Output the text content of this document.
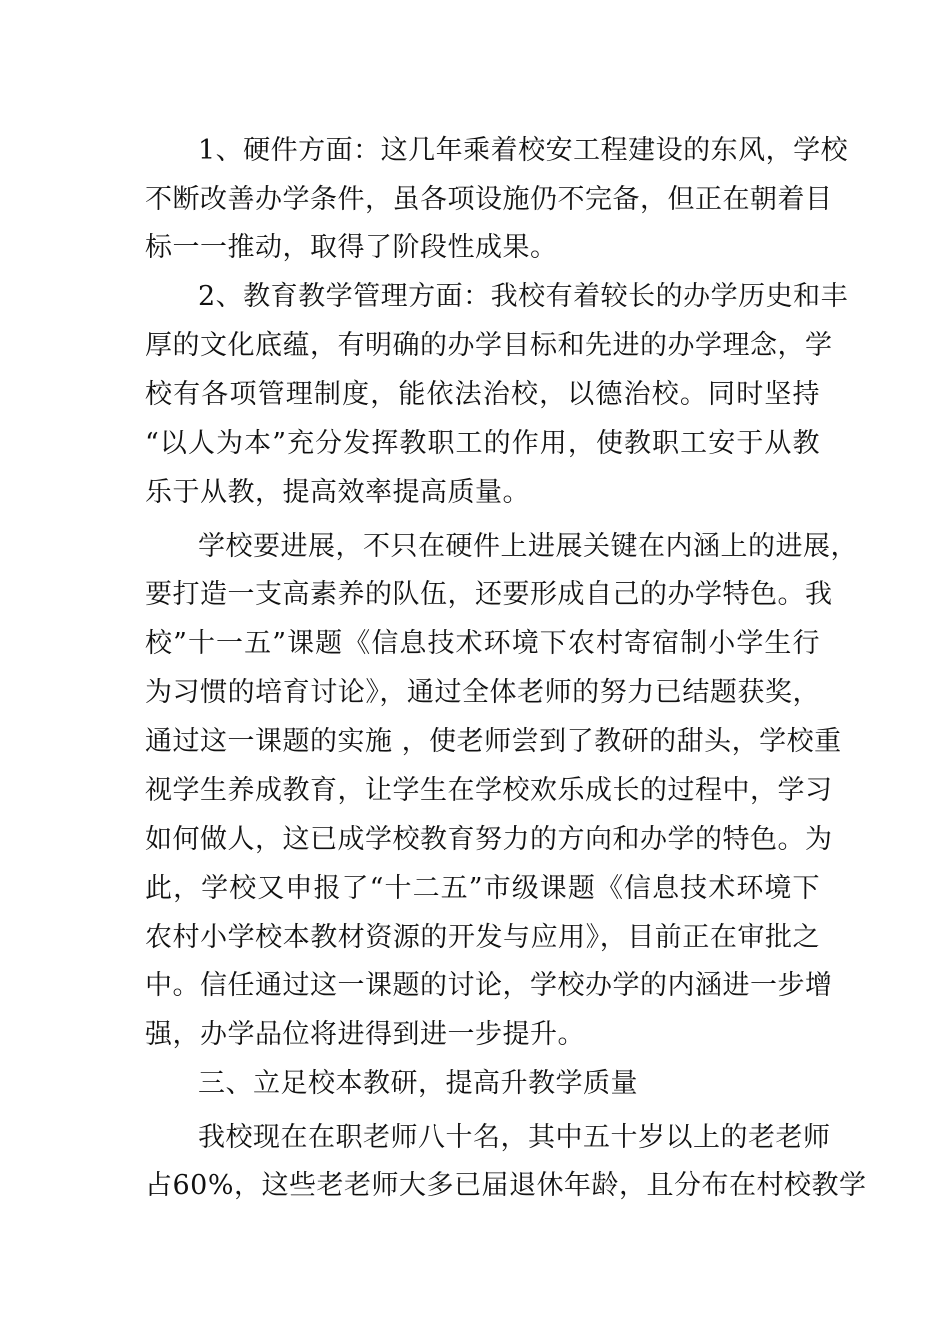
1、硬件方面：这几年乘着校安工程建设的东风，学校
不断改善办学条件，虽各项设施仍不完备，但正在朝着目
标一一推动，取得了阶段性成果。
2、教育教学管理方面：我校有着较长的办学历史和丰
厚的文化底蕴，有明确的办学目标和先进的办学理念，学
校有各项管理制度，能依法治校，以德治校。同时坚持
“以人为本”充分发挥教职工的作用，使教职工安于从教
乐于从教，提高效率提高质量。
学校要进展，不只在硬件上进展关键在内涵上的进展，
要打造一支高素养的队伍，还要形成自己的办学特色。我
校”十一五”课题《信息技术环境下农村寄宿制小学生行
为习惯的培育讨论》，通过全体老师的努力已结题获奖，
通过这一课题的实施 ，使老师尝到了教研的甜头，学校重
视学生养成教育，让学生在学校欢乐成长的过程中，学习
如何做人，这已成学校教育努力的方向和办学的特色。为
此，学校又申报了“十二五”市级课题《信息技术环境下
农村小学校本教材资源的开发与应用》，目前正在审批之
中。信任通过这一课题的讨论，学校办学的内涵进一步增
强，办学品位将进得到进一步提升。
三、立足校本教研，提高升教学质量
我校现在在职老师八十名，其中五十岁以上的老老师
占60%，这些老老师大多已届退休年龄，且分布在村校教学
